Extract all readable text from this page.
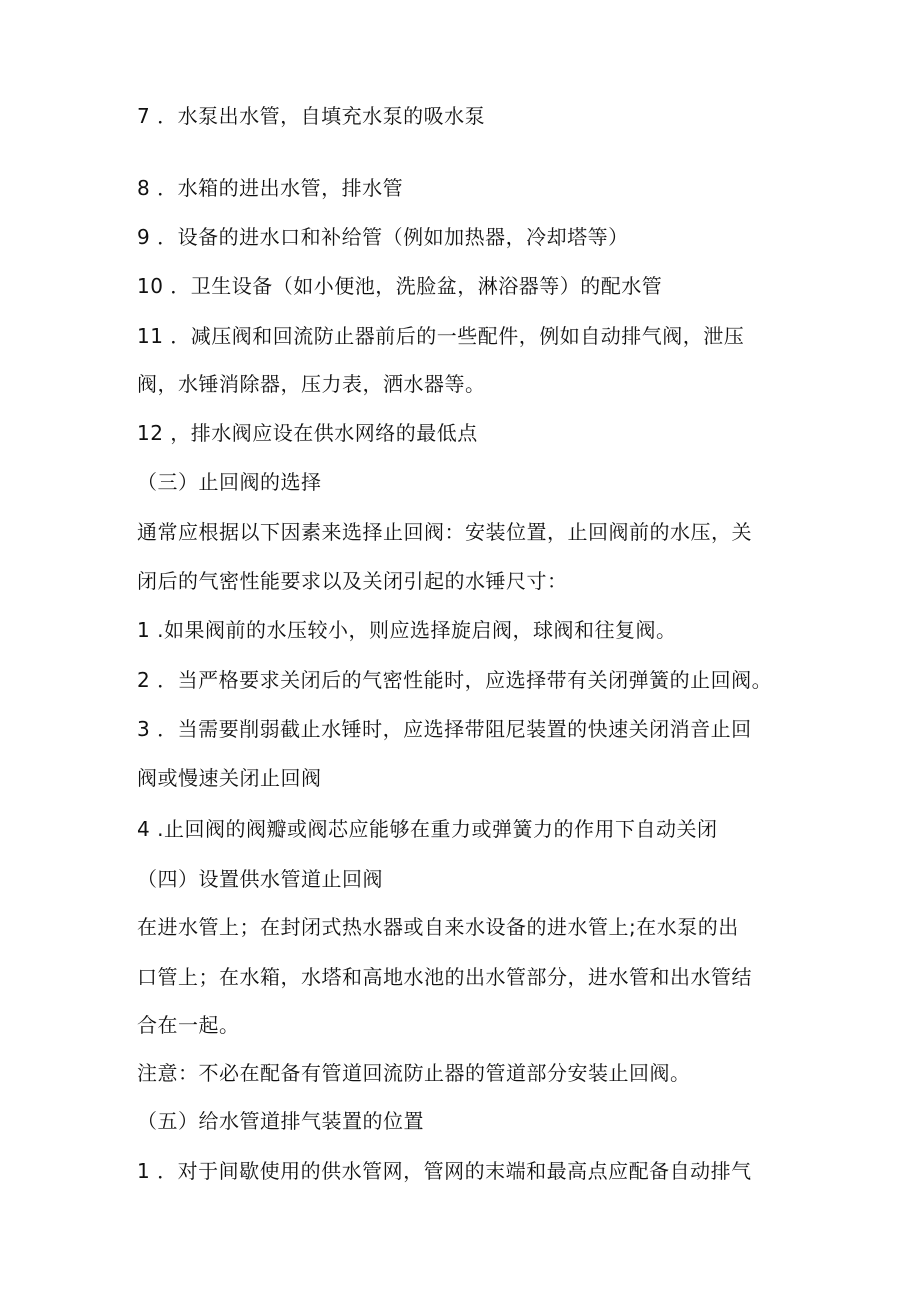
7 ．水泵出水管，自填充水泵的吸水泵
8 ．水箱的进出水管，排水管
9 ．设备的进水口和补给管（例如加热器，冷却塔等）
10 ．卫生设备（如小便池，洗脸盆，淋浴器等）的配水管
11 ．减压阀和回流防止器前后的一些配件，例如自动排气阀，泄压
阀，水锤消除器，压力表，洒水器等。
12 ，排水阀应设在供水网络的最低点
（三）止回阀的选择
通常应根据以下因素来选择止回阀：安装位置，止回阀前的水压，关
闭后的气密性能要求以及关闭引起的水锤尺寸：
1 .如果阀前的水压较小，则应选择旋启阀，球阀和往复阀。
2 ．当严格要求关闭后的气密性能时，应选择带有关闭弹簧的止回阀。
3 ．当需要削弱截止水锤时，应选择带阻尼装置的快速关闭消音止回
阀或慢速关闭止回阀
4 .止回阀的阀瓣或阀芯应能够在重力或弹簧力的作用下自动关闭
（四）设置供水管道止回阀
在进水管上；在封闭式热水器或自来水设备的进水管上;在水泵的出
口管上；在水箱，水塔和高地水池的出水管部分，进水管和出水管结
合在一起。
注意：不必在配备有管道回流防止器的管道部分安装止回阀。
（五）给水管道排气装置的位置
1 ．对于间歇使用的供水管网，管网的末端和最高点应配备自动排气
